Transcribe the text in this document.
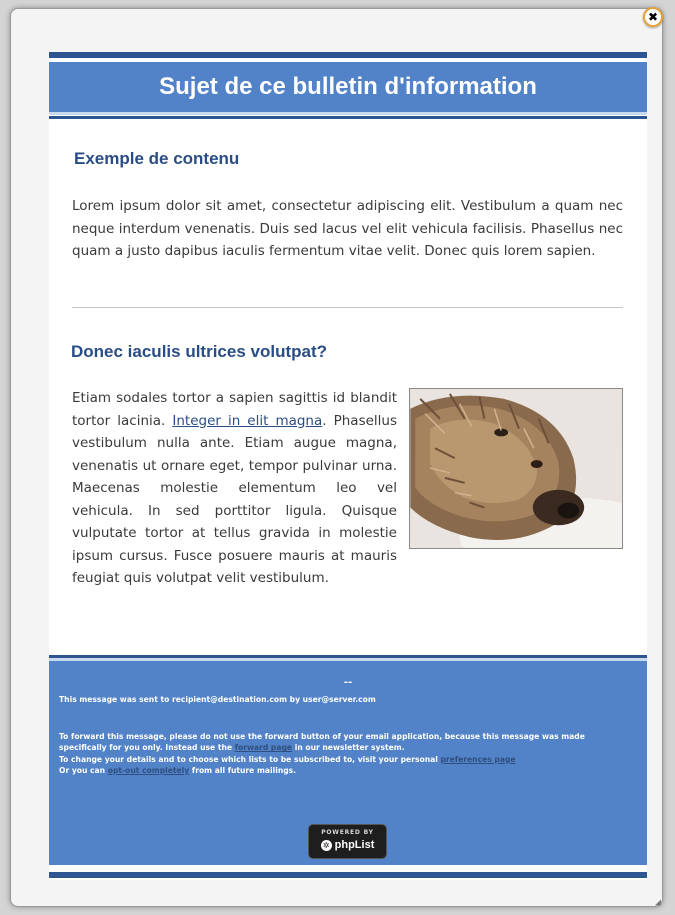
Sujet de ce bulletin d'information
Exemple de contenu

Lorem ipsum dolor sit amet, consectetur adipiscing elit. Vestibulum a quam nec neque interdum venenatis. Duis sed lacus vel elit vehicula facilisis. Phasellus nec quam a justo dapibus iaculis fermentum vitae velit. Donec quis lorem sapien.

Donec iaculis ultrices volutpat?

Etiam sodales tortor a sapien sagittis id blandit tortor lacinia. Integer in elit magna. Phasellus vestibulum nulla ante. Etiam augue magna, venenatis ut ornare eget, tempor pulvinar urna. Maecenas molestie elementum leo vel vehicula. In sed porttitor ligula. Quisque vulputate tortor at tellus gravida in molestie ipsum cursus. Fusce posuere mauris at mauris feugiat quis volutpat velit vestibulum.

--
This message was sent to recipient@destination.com by user@server.com

To forward this message, please do not use the forward button of your email application, because this message was made specifically for you only. Instead use the forward page in our newsletter system.

To change your details and to choose which lists to be subscribed to, visit your personal preferences page

Or you can opt-out completely from all future mailings.

POWERED BY
✲ phpList
✖
◢
